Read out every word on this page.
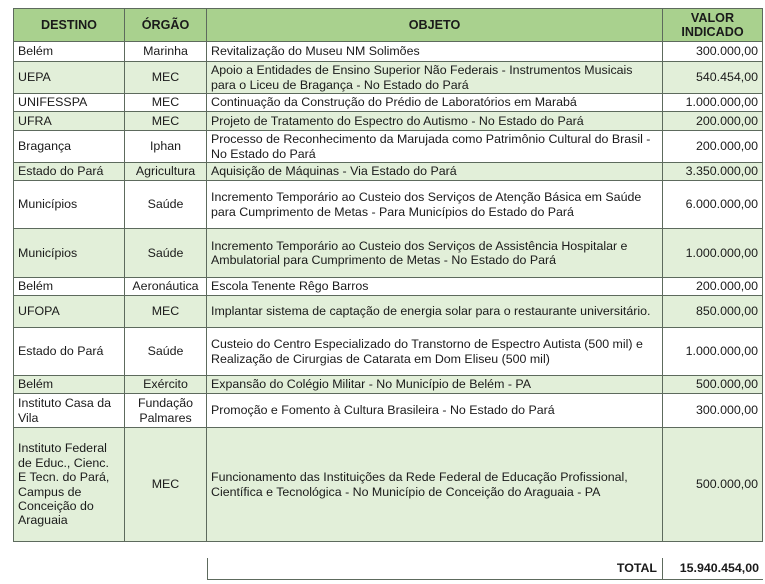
DESTINO	ÓRGÃO	OBJETO	VALOR
INDICADO

Belém	Marinha	Revitalização do Museu NM Solimões	300.000,00
UEPA	MEC	Apoio a Entidades de Ensino Superior Não Federais - Instrumentos Musicais para o Liceu de Bragança - No Estado do Pará	540.454,00
UNIFESSPA	MEC	Continuação da Construção do Prédio de Laboratórios em Marabá	1.000.000,00
UFRA	MEC	Projeto de Tratamento do Espectro do Autismo - No Estado do Pará	200.000,00
Bragança	Iphan	Processo de Reconhecimento da Marujada como Patrimônio Cultural do Brasil - No Estado do Pará	200.000,00
Estado do Pará	Agricultura	Aquisição de Máquinas - Via Estado do Pará	3.350.000,00
Municípios	Saúde	Incremento Temporário ao Custeio dos Serviços de Atenção Básica em Saúde para Cumprimento de Metas - Para Municípios do Estado do Pará	6.000.000,00
Municípios	Saúde	Incremento Temporário ao Custeio dos Serviços de Assistência Hospitalar e Ambulatorial para Cumprimento de Metas - No Estado do Pará	1.000.000,00
Belém	Aeronáutica	Escola Tenente Rêgo Barros	200.000,00
UFOPA	MEC	Implantar sistema de captação de energia solar para o restaurante universitário.	850.000,00
Estado do Pará	Saúde	Custeio do Centro Especializado do Transtorno de Espectro Autista (500 mil) e Realização de Cirurgias de Catarata em Dom Eliseu (500 mil)	1.000.000,00
Belém	Exército	Expansão do Colégio Militar - No Município de Belém - PA	500.000,00
Instituto Casa da Vila	Fundação Palmares	Promoção e Fomento à Cultura Brasileira - No Estado do Pará	300.000,00
Instituto Federal de Educ., Cienc. E Tecn. do Pará, Campus de Conceição do Araguaia	MEC	Funcionamento das Instituições da Rede Federal de Educação Profissional, Científica e Tecnológica - No Município de Conceição do Araguaia - PA	500.000,00
TOTAL 15.940.454,00
